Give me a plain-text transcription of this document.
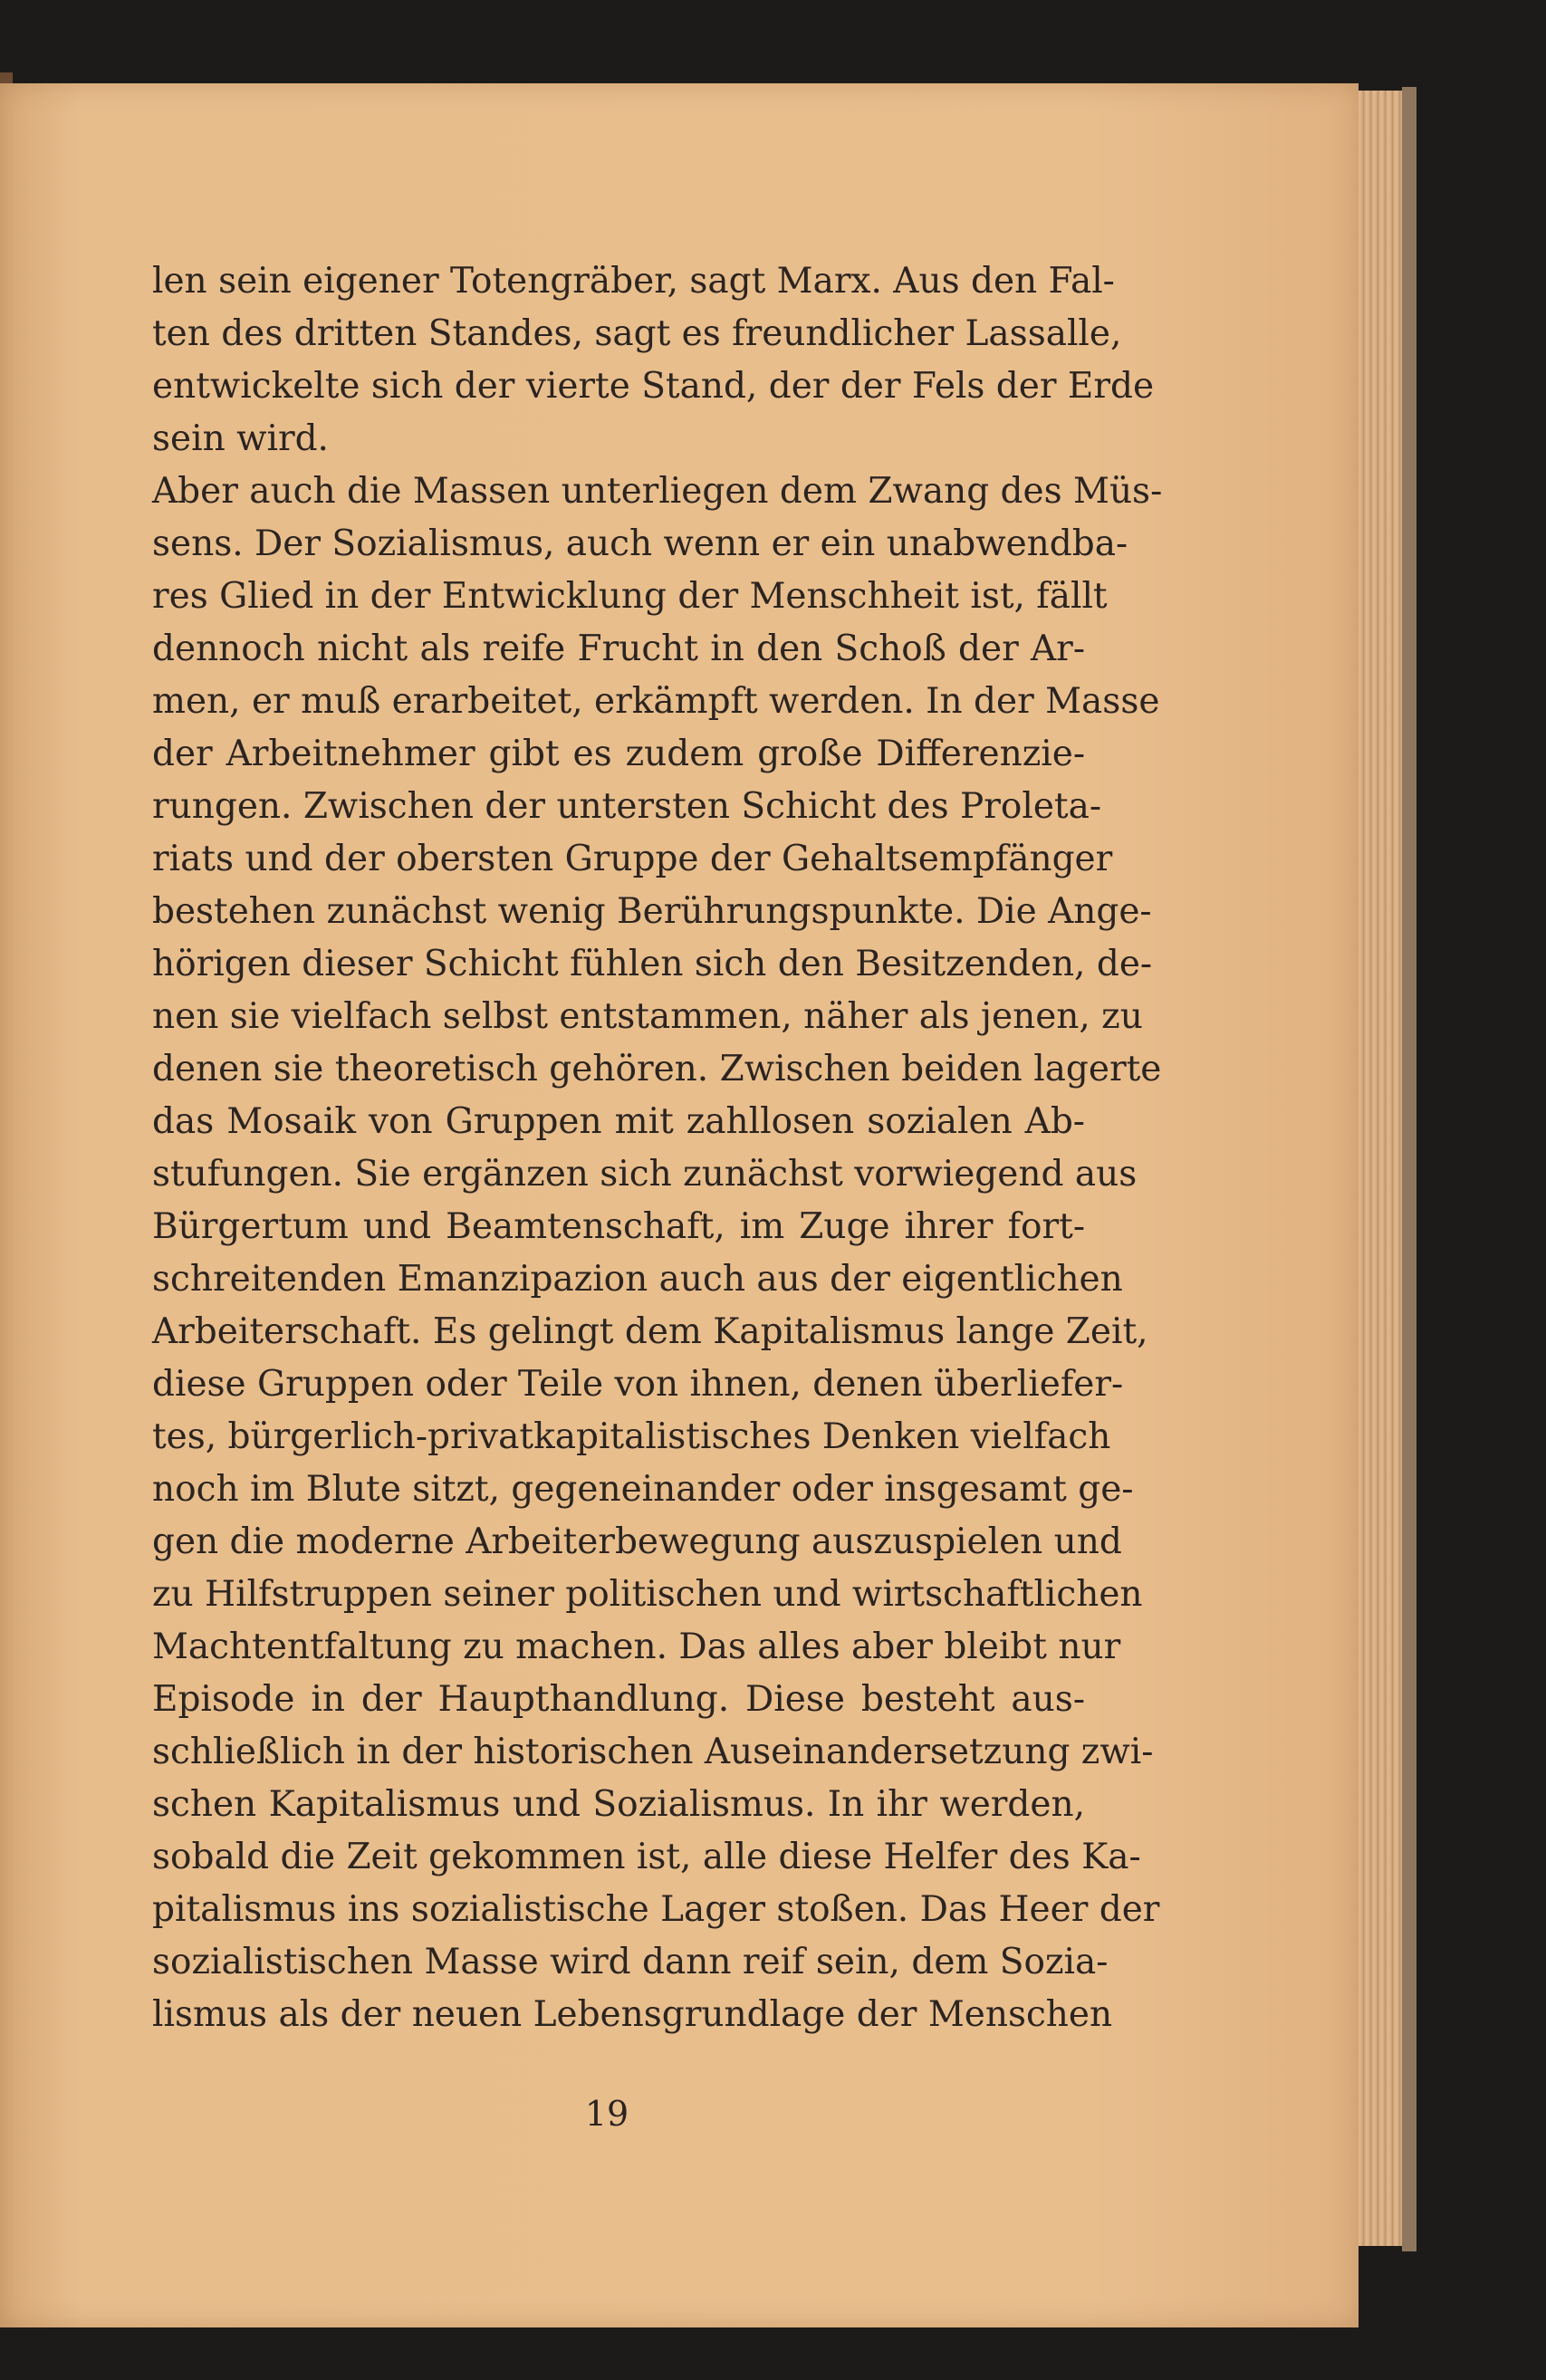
len sein eigener Totengräber, sagt Marx. Aus den Fal-
ten des dritten Standes, sagt es freundlicher Lassalle,
entwickelte sich der vierte Stand, der der Fels der Erde
sein wird.
Aber auch die Massen unterliegen dem Zwang des Müs-
sens. Der Sozialismus, auch wenn er ein unabwendba-
res Glied in der Entwicklung der Menschheit ist, fällt
dennoch nicht als reife Frucht in den Schoß der Ar-
men, er muß erarbeitet, erkämpft werden. In der Masse
der Arbeitnehmer gibt es zudem große Differenzie-
rungen. Zwischen der untersten Schicht des Proleta-
riats und der obersten Gruppe der Gehaltsempfänger
bestehen zunächst wenig Berührungspunkte. Die Ange-
hörigen dieser Schicht fühlen sich den Besitzenden, de-
nen sie vielfach selbst entstammen, näher als jenen, zu
denen sie theoretisch gehören. Zwischen beiden lagerte
das Mosaik von Gruppen mit zahllosen sozialen Ab-
stufungen. Sie ergänzen sich zunächst vorwiegend aus
Bürgertum und Beamtenschaft, im Zuge ihrer fort-
schreitenden Emanzipazion auch aus der eigentlichen
Arbeiterschaft. Es gelingt dem Kapitalismus lange Zeit,
diese Gruppen oder Teile von ihnen, denen überliefer-
tes, bürgerlich-privatkapitalistisches Denken vielfach
noch im Blute sitzt, gegeneinander oder insgesamt ge-
gen die moderne Arbeiterbewegung auszuspielen und
zu Hilfstruppen seiner politischen und wirtschaftlichen
Machtentfaltung zu machen. Das alles aber bleibt nur
Episode in der Haupthandlung. Diese besteht aus-
schließlich in der historischen Auseinandersetzung zwi-
schen Kapitalismus und Sozialismus. In ihr werden,
sobald die Zeit gekommen ist, alle diese Helfer des Ka-
pitalismus ins sozialistische Lager stoßen. Das Heer der
sozialistischen Masse wird dann reif sein, dem Sozia-
lismus als der neuen Lebensgrundlage der Menschen
19
